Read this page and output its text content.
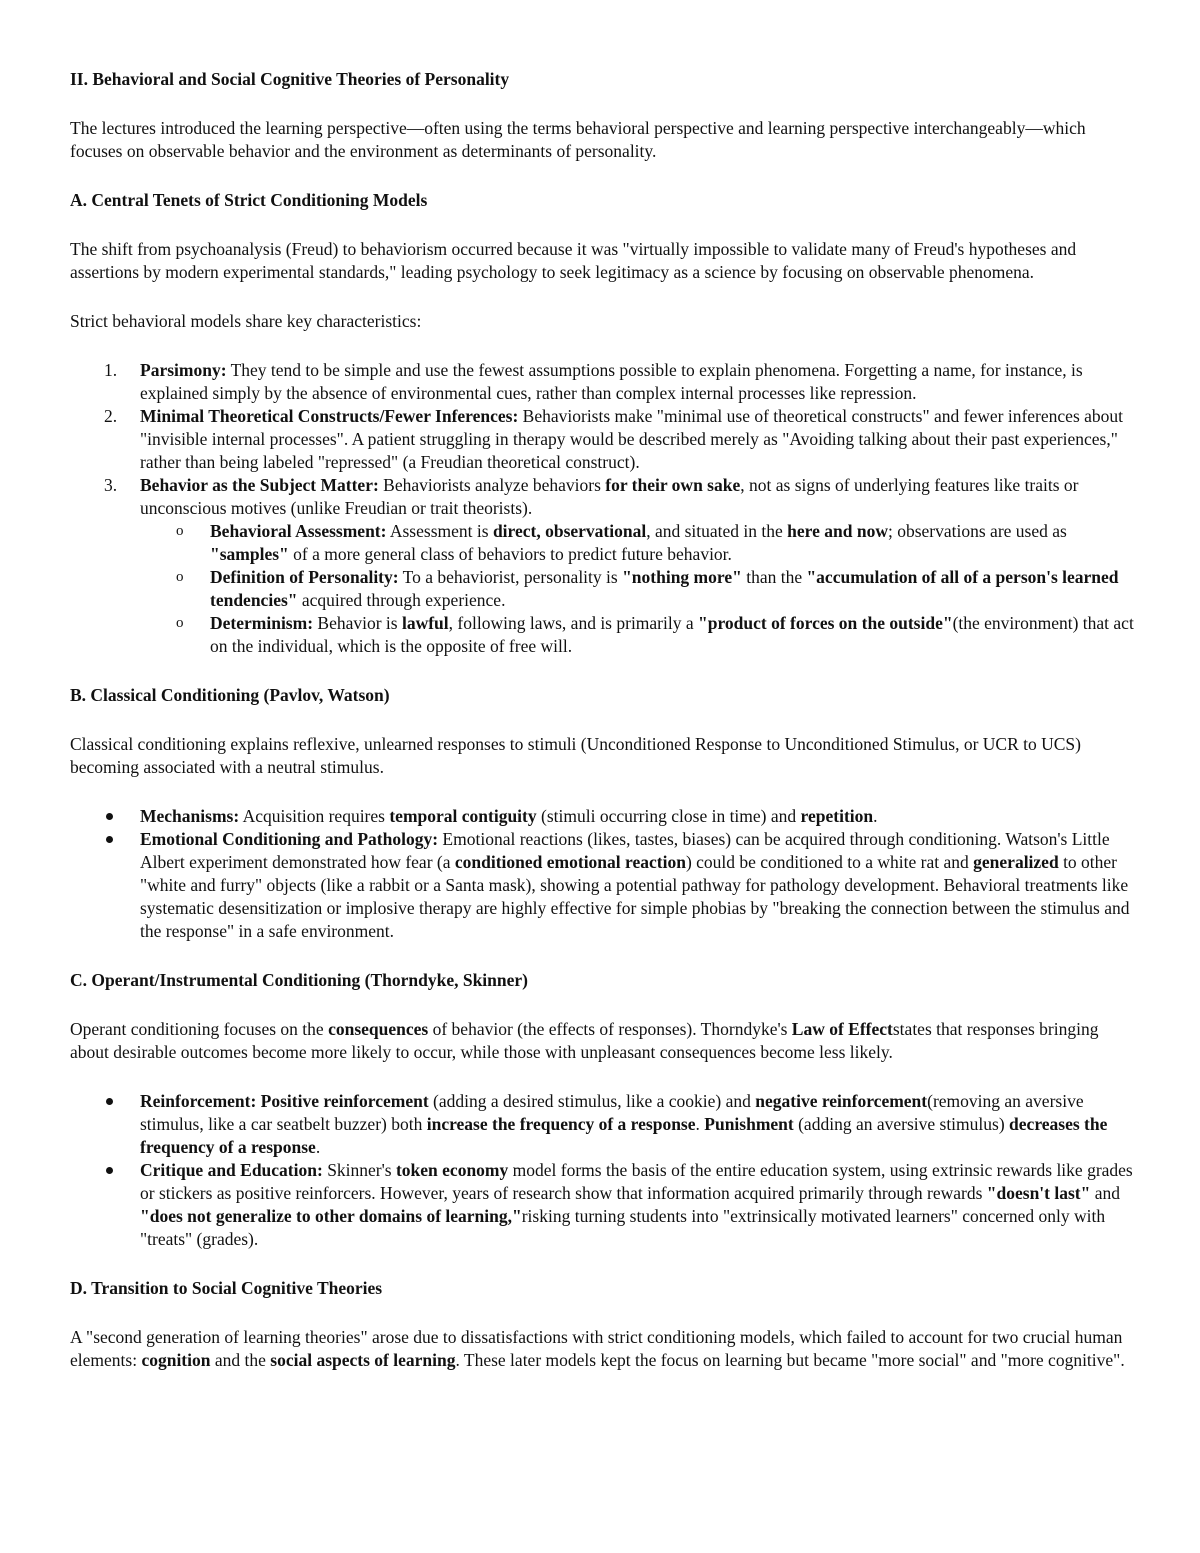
II. Behavioral and Social Cognitive Theories of Personality

The lectures introduced the learning perspective—often using the terms behavioral perspective and learning perspective interchangeably—which focuses on observable behavior and the environment as determinants of personality.

A. Central Tenets of Strict Conditioning Models

The shift from psychoanalysis (Freud) to behaviorism occurred because it was "virtually impossible to validate many of Freud's hypotheses and assertions by modern experimental standards," leading psychology to seek legitimacy as a science by focusing on observable phenomena.

Strict behavioral models share key characteristics:

1. Parsimony: They tend to be simple and use the fewest assumptions possible to explain phenomena. Forgetting a name, for instance, is explained simply by the absence of environmental cues, rather than complex internal processes like repression.
2. Minimal Theoretical Constructs/Fewer Inferences: Behaviorists make "minimal use of theoretical constructs" and fewer inferences about "invisible internal processes". A patient struggling in therapy would be described merely as "Avoiding talking about their past experiences," rather than being labeled "repressed" (a Freudian theoretical construct).
3. Behavior as the Subject Matter: Behaviorists analyze behaviors for their own sake, not as signs of underlying features like traits or unconscious motives (unlike Freudian or trait theorists).
o Behavioral Assessment: Assessment is direct, observational, and situated in the here and now; observations are used as "samples" of a more general class of behaviors to predict future behavior.
o Definition of Personality: To a behaviorist, personality is "nothing more" than the "accumulation of all of a person's learned tendencies" acquired through experience.
o Determinism: Behavior is lawful, following laws, and is primarily a "product of forces on the outside"(the environment) that act on the individual, which is the opposite of free will.
B. Classical Conditioning (Pavlov, Watson)

Classical conditioning explains reflexive, unlearned responses to stimuli (Unconditioned Response to Unconditioned Stimulus, or UCR to UCS) becoming associated with a neutral stimulus.

Mechanisms: Acquisition requires temporal contiguity (stimuli occurring close in time) and repetition.
Emotional Conditioning and Pathology: Emotional reactions (likes, tastes, biases) can be acquired through conditioning. Watson's Little Albert experiment demonstrated how fear (a conditioned emotional reaction) could be conditioned to a white rat and generalized to other "white and furry" objects (like a rabbit or a Santa mask), showing a potential pathway for pathology development. Behavioral treatments like systematic desensitization or implosive therapy are highly effective for simple phobias by "breaking the connection between the stimulus and the response" in a safe environment.
C. Operant/Instrumental Conditioning (Thorndyke, Skinner)

Operant conditioning focuses on the consequences of behavior (the effects of responses). Thorndyke's Law of Effectstates that responses bringing about desirable outcomes become more likely to occur, while those with unpleasant consequences become less likely.

Reinforcement: Positive reinforcement (adding a desired stimulus, like a cookie) and negative reinforcement(removing an aversive stimulus, like a car seatbelt buzzer) both increase the frequency of a response. Punishment (adding an aversive stimulus) decreases the frequency of a response.
Critique and Education: Skinner's token economy model forms the basis of the entire education system, using extrinsic rewards like grades or stickers as positive reinforcers. However, years of research show that information acquired primarily through rewards "doesn't last" and "does not generalize to other domains of learning,"risking turning students into "extrinsically motivated learners" concerned only with "treats" (grades).
D. Transition to Social Cognitive Theories

A "second generation of learning theories" arose due to dissatisfactions with strict conditioning models, which failed to account for two crucial human elements: cognition and the social aspects of learning. These later models kept the focus on learning but became "more social" and "more cognitive".
